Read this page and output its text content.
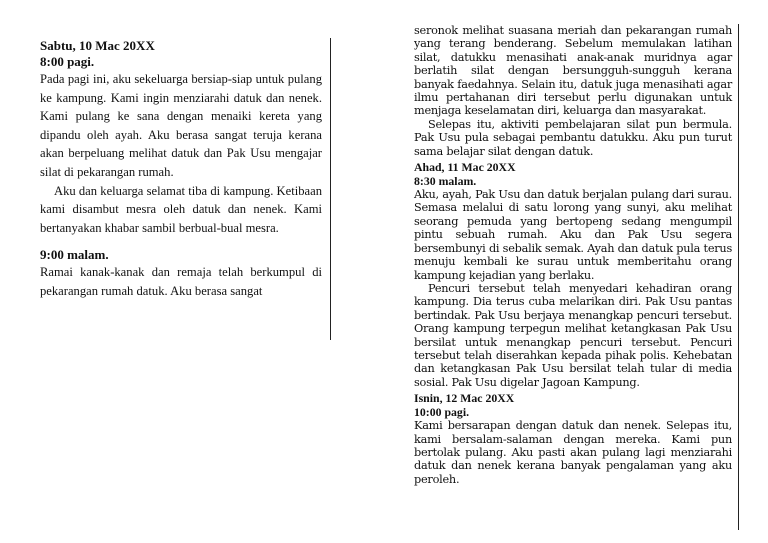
Sabtu, 10 Mac 20XX

8:00 pagi.

Pada pagi ini, aku sekeluarga bersiap-siap untuk pulang ke kampung. Kami ingin menziarahi datuk dan nenek. Kami pulang ke sana dengan menaiki kereta yang dipandu oleh ayah. Aku berasa sangat teruja kerana akan berpeluang melihat datuk dan Pak Usu mengajar silat di pekarangan rumah.

Aku dan keluarga selamat tiba di kampung. Ketibaan kami disambut mesra oleh datuk dan nenek. Kami bertanyakan khabar sambil berbual-bual mesra.

9:00 malam.

Ramai kanak-kanak dan remaja telah berkumpul di pekarangan rumah datuk. Aku berasa sangat

seronok melihat suasana meriah dan pekarangan rumah yang terang benderang. Sebelum memulakan latihan silat, datukku menasihati anak-anak muridnya agar berlatih silat dengan bersungguh-sungguh kerana banyak faedahnya. Selain itu, datuk juga menasihati agar ilmu pertahanan diri tersebut perlu digunakan untuk menjaga keselamatan diri, keluarga dan masyarakat.

Selepas itu, aktiviti pembelajaran silat pun bermula. Pak Usu pula sebagai pembantu datukku. Aku pun turut sama belajar silat dengan datuk.

Ahad, 11 Mac 20XX

8:30 malam.

Aku, ayah, Pak Usu dan datuk berjalan pulang dari surau. Semasa melalui di satu lorong yang sunyi, aku melihat seorang pemuda yang bertopeng sedang mengumpil pintu sebuah rumah. Aku dan Pak Usu segera bersembunyi di sebalik semak. Ayah dan datuk pula terus menuju kembali ke surau untuk memberitahu orang kampung kejadian yang berlaku.

Pencuri tersebut telah menyedari kehadiran orang kampung. Dia terus cuba melarikan diri. Pak Usu pantas bertindak. Pak Usu berjaya menangkap pencuri tersebut. Orang kampung terpegun melihat ketangkasan Pak Usu bersilat untuk menangkap pencuri tersebut. Pencuri tersebut telah diserahkan kepada pihak polis. Kehebatan dan ketangkasan Pak Usu bersilat telah tular di media sosial. Pak Usu digelar Jagoan Kampung.

Isnin, 12 Mac 20XX

10:00 pagi.

Kami bersarapan dengan datuk dan nenek. Selepas itu, kami bersalam-salaman dengan mereka. Kami pun bertolak pulang. Aku pasti akan pulang lagi menziarahi datuk dan nenek kerana banyak pengalaman yang aku peroleh.
